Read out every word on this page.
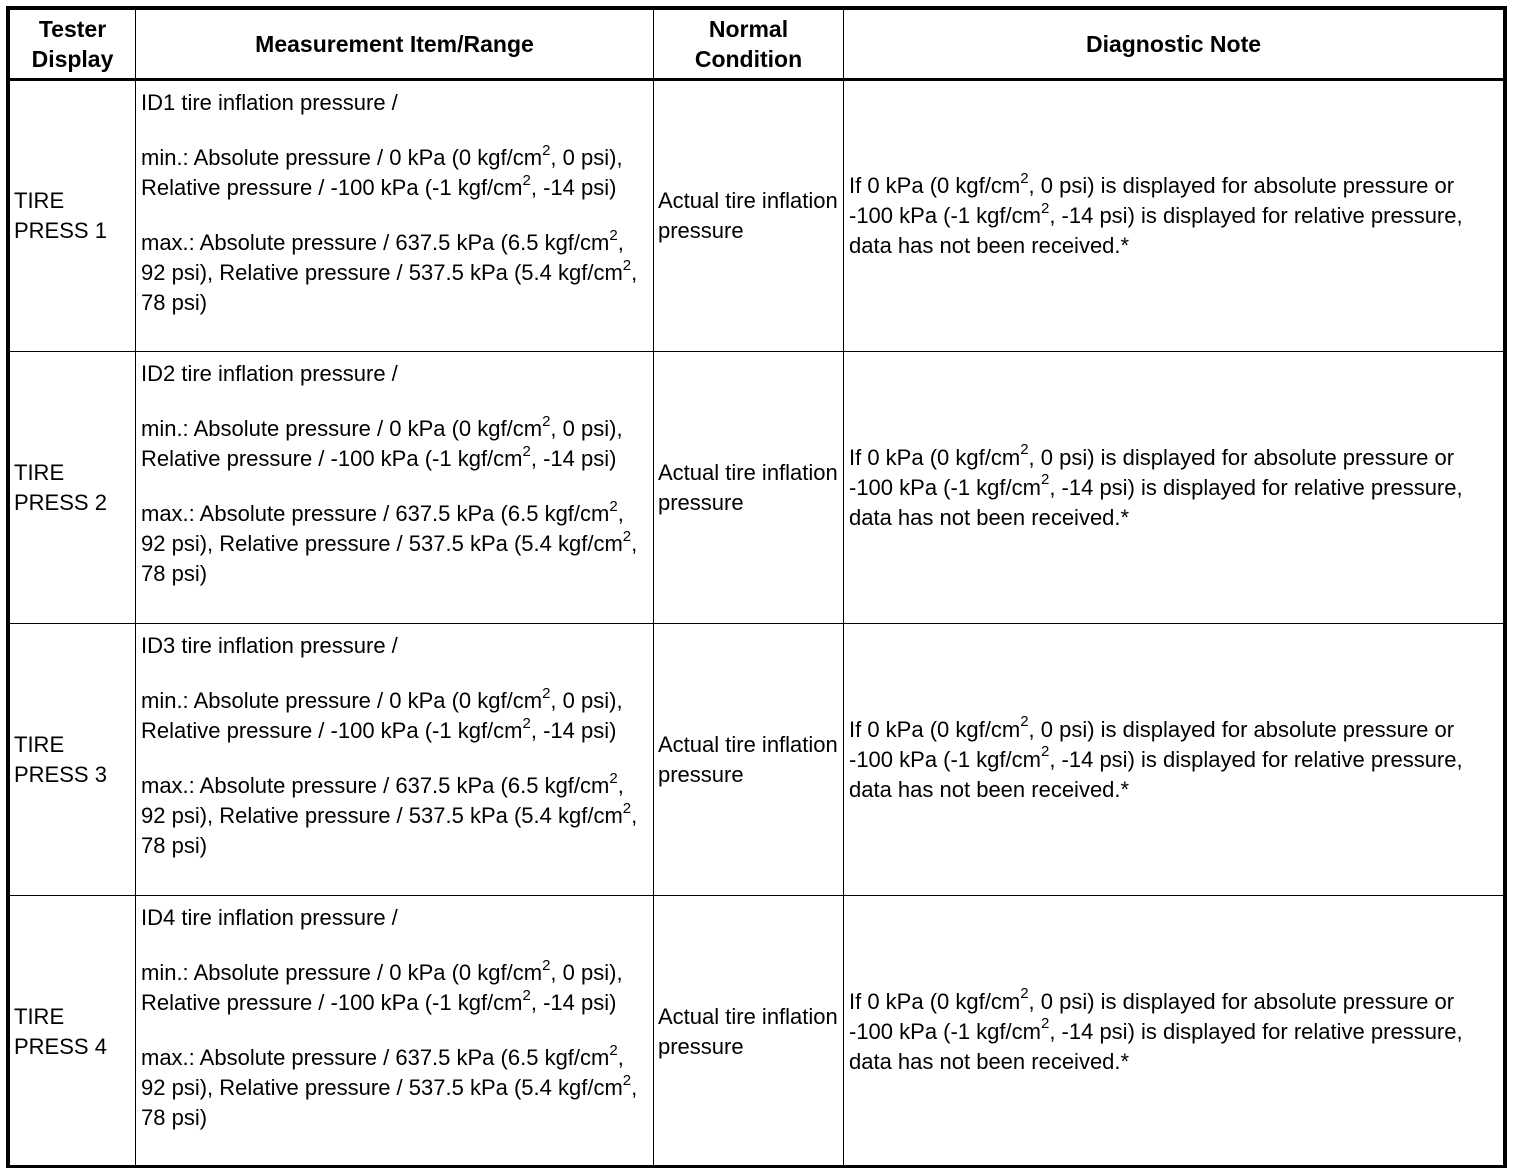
Tester Display	Measurement Item/Range	Normal Condition	Diagnostic Note
TIRE PRESS 1	ID1 tire inflation pressure /

min.: Absolute pressure / 0 kPa (0 kgf/$cm^2$, 0 psi), Relative pressure / -100 kPa (-1 kgf/$cm^2$, -14 psi)

max.: Absolute pressure / 637.5 kPa (6.5 kgf/$cm^2$, 92 psi), Relative pressure / 537.5 kPa (5.4 kgf/$cm^2$, 78 psi)	Actual tire inflation pressure	If 0 kPa (0 kgf/$cm^2$, 0 psi) is displayed for absolute pressure or -100 kPa (-1 kgf/$cm^2$, -14 psi) is displayed for relative pressure, data has not been received.*
TIRE PRESS 2	ID2 tire inflation pressure /

min.: Absolute pressure / 0 kPa (0 kgf/$cm^2$, 0 psi), Relative pressure / -100 kPa (-1 kgf/$cm^2$, -14 psi)

max.: Absolute pressure / 637.5 kPa (6.5 kgf/$cm^2$, 92 psi), Relative pressure / 537.5 kPa (5.4 kgf/$cm^2$, 78 psi)	Actual tire inflation pressure	If 0 kPa (0 kgf/$cm^2$, 0 psi) is displayed for absolute pressure or -100 kPa (-1 kgf/$cm^2$, -14 psi) is displayed for relative pressure, data has not been received.*
TIRE PRESS 3	ID3 tire inflation pressure /

min.: Absolute pressure / 0 kPa (0 kgf/$cm^2$, 0 psi), Relative pressure / -100 kPa (-1 kgf/$cm^2$, -14 psi)

max.: Absolute pressure / 637.5 kPa (6.5 kgf/$cm^2$, 92 psi), Relative pressure / 537.5 kPa (5.4 kgf/$cm^2$, 78 psi)	Actual tire inflation pressure	If 0 kPa (0 kgf/$cm^2$, 0 psi) is displayed for absolute pressure or -100 kPa (-1 kgf/$cm^2$, -14 psi) is displayed for relative pressure, data has not been received.*
TIRE PRESS 4	ID4 tire inflation pressure /

min.: Absolute pressure / 0 kPa (0 kgf/$cm^2$, 0 psi), Relative pressure / -100 kPa (-1 kgf/$cm^2$, -14 psi)

max.: Absolute pressure / 637.5 kPa (6.5 kgf/$cm^2$, 92 psi), Relative pressure / 537.5 kPa (5.4 kgf/$cm^2$, 78 psi)	Actual tire inflation pressure	If 0 kPa (0 kgf/$cm^2$, 0 psi) is displayed for absolute pressure or -100 kPa (-1 kgf/$cm^2$, -14 psi) is displayed for relative pressure, data has not been received.*
